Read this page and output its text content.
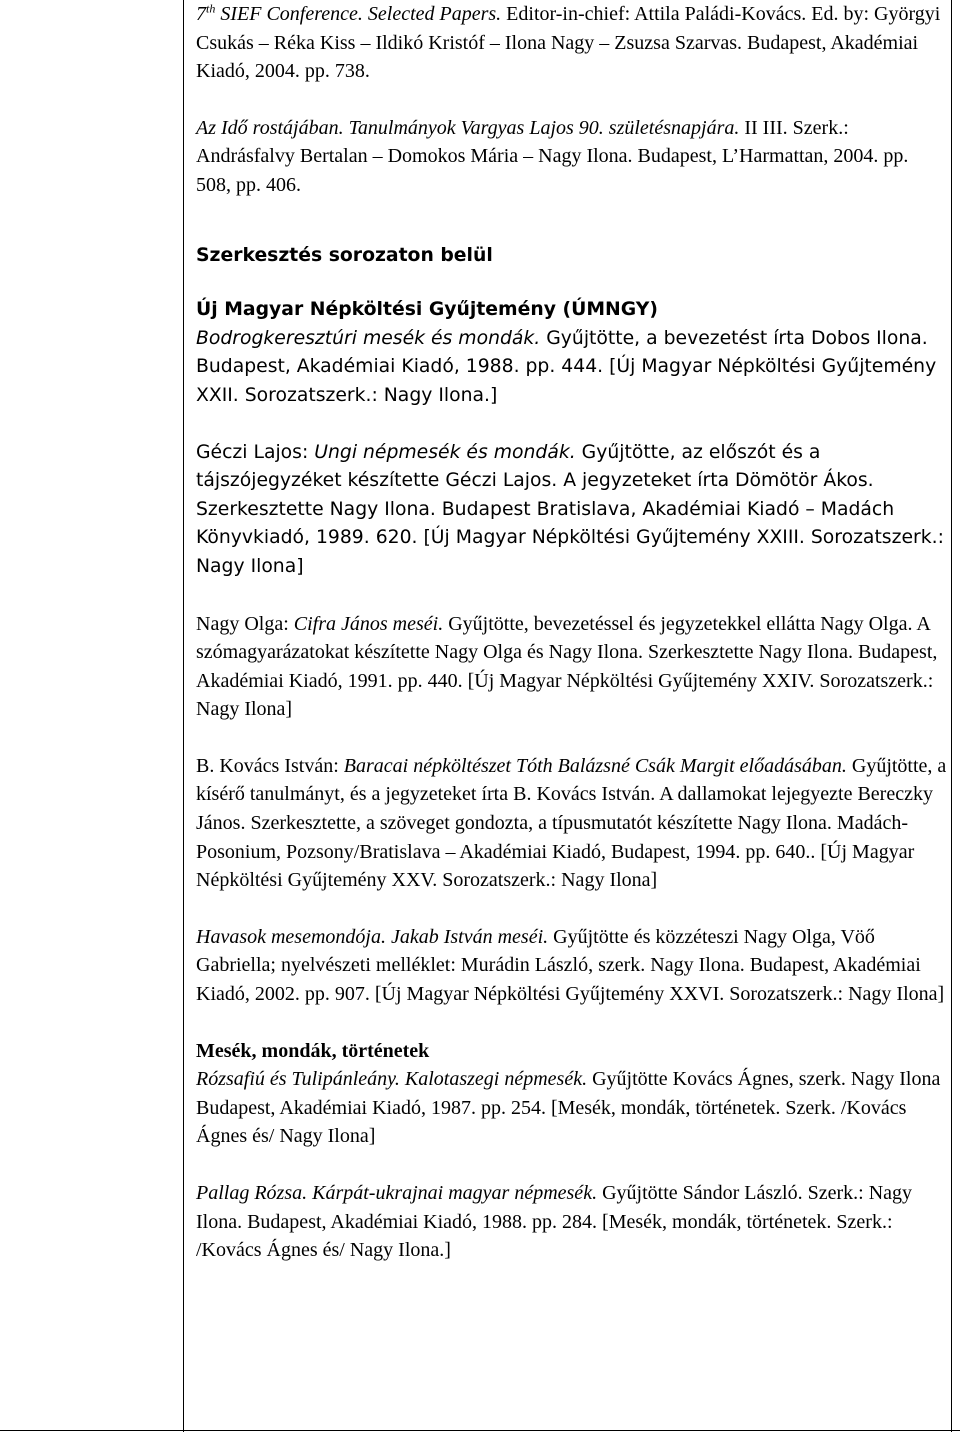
7th SIEF Conference. Selected Papers. Editor-in-chief: Attila Paládi-Kovács. Ed. by: Györgyi Csukás – Réka Kiss – Ildikó Kristóf – Ilona Nagy – Zsuzsa Szarvas. Budapest, Akadémiai Kiadó, 2004. pp. 738.

Az Idő rostájában. Tanulmányok Vargyas Lajos 90. születésnapjára. II III. Szerk.: Andrásfalvy Bertalan – Domokos Mária – Nagy Ilona. Budapest, L’Harmattan, 2004. pp. 508, pp. 406.

Szerkesztés sorozaton belül

Új Magyar Népköltési Gyűjtemény (ÚMNGY)
Bodrogkeresztúri mesék és mondák. Gyűjtötte, a bevezetést írta Dobos Ilona. Budapest, Akadémiai Kiadó, 1988. pp. 444. [Új Magyar Népköltési Gyűjtemény XXII. Sorozatszerk.: Nagy Ilona.]

Géczi Lajos: Ungi népmesék és mondák. Gyűjtötte, az előszót és a tájszójegyzéket készítette Géczi Lajos. A jegyzeteket írta Dömötör Ákos. Szerkesztette Nagy Ilona. Budapest Bratislava, Akadémiai Kiadó – Madách Könyvkiadó, 1989. 620. [Új Magyar Népköltési Gyűjtemény XXIII. Sorozatszerk.: Nagy Ilona]

Nagy Olga: Cifra János meséi. Gyűjtötte, bevezetéssel és jegyzetekkel ellátta Nagy Olga. A szómagyarázatokat készítette Nagy Olga és Nagy Ilona. Szerkesztette Nagy Ilona. Budapest, Akadémiai Kiadó, 1991. pp. 440. [Új Magyar Népköltési Gyűjtemény XXIV. Sorozatszerk.: Nagy Ilona]

B. Kovács István: Baracai népköltészet Tóth Balázsné Csák Margit előadásában. Gyűjtötte, a kísérő tanulmányt, és a jegyzeteket írta B. Kovács István. A dallamokat lejegyezte Bereczky János. Szerkesztette, a szöveget gondozta, a típusmutatót készítette Nagy Ilona. Madách-Posonium, Pozsony/Bratislava – Akadémiai Kiadó, Budapest, 1994. pp. 640.. [Új Magyar Népköltési Gyűjtemény XXV. Sorozatszerk.: Nagy Ilona]

Havasok mesemondója. Jakab István meséi. Gyűjtötte és közzéteszi Nagy Olga, Vöő Gabriella; nyelvészeti melléklet: Murádin László, szerk. Nagy Ilona. Budapest, Akadémiai Kiadó, 2002. pp. 907. [Új Magyar Népköltési Gyűjtemény XXVI. Sorozatszerk.: Nagy Ilona]

Mesék, mondák, történetek
Rózsafiú és Tulipánleány. Kalotaszegi népmesék. Gyűjtötte Kovács Ágnes, szerk. Nagy Ilona Budapest, Akadémiai Kiadó, 1987. pp. 254. [Mesék, mondák, történetek. Szerk. /Kovács Ágnes és/ Nagy Ilona]

Pallag Rózsa. Kárpát-ukrajnai magyar népmesék. Gyűjtötte Sándor László. Szerk.: Nagy Ilona. Budapest, Akadémiai Kiadó, 1988. pp. 284. [Mesék, mondák, történetek. Szerk.: /Kovács Ágnes és/ Nagy Ilona.]
